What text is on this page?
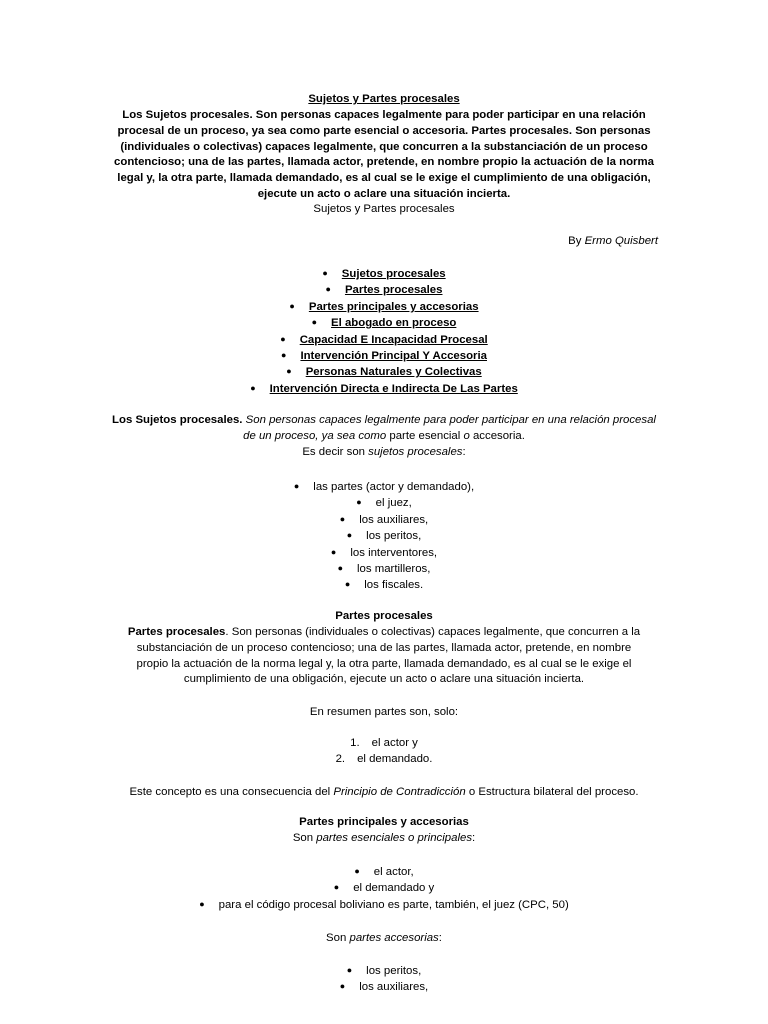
Sujetos y Partes procesales
Los Sujetos procesales. Son personas capaces legalmente para poder participar en una relación
procesal de un proceso, ya sea como parte esencial o accesoria. Partes procesales. Son personas
(individuales o colectivas) capaces legalmente, que concurren a la substanciación de un proceso
contencioso; una de las partes, llamada actor, pretende, en nombre propio la actuación de la norma
legal y, la otra parte, llamada demandado, es al cual se le exige el cumplimiento de una obligación,
ejecute un acto o aclare una situación incierta.
Sujetos y Partes procesales
By Ermo Quisbert
● Sujetos procesales
● Partes procesales
● Partes principales y accesorias
● El abogado en proceso
● Capacidad E Incapacidad Procesal
● Intervención Principal Y Accesoria
● Personas Naturales y Colectivas
● Intervención Directa e Indirecta De Las Partes
Los Sujetos procesales. Son personas capaces legalmente para poder participar en una relación procesal
de un proceso, ya sea como parte esencial o accesoria.
Es decir son sujetos procesales:
● las partes (actor y demandado),
● el juez,
● los auxiliares,
● los peritos,
● los interventores,
● los martilleros,
● los fiscales.
Partes procesales
Partes procesales. Son personas (individuales o colectivas) capaces legalmente, que concurren a la
substanciación de un proceso contencioso; una de las partes, llamada actor, pretende, en nombre
propio la actuación de la norma legal y, la otra parte, llamada demandado, es al cual se le exige el
cumplimiento de una obligación, ejecute un acto o aclare una situación incierta.
En resumen partes son, solo:
1. el actor y
2. el demandado.
Este concepto es una consecuencia del Principio de Contradicción o Estructura bilateral del proceso.
Partes principales y accesorias
Son partes esenciales o principales:
● el actor,
● el demandado y
● para el código procesal boliviano es parte, también, el juez (CPC, 50)
Son partes accesorias:
● los peritos,
● los auxiliares,
